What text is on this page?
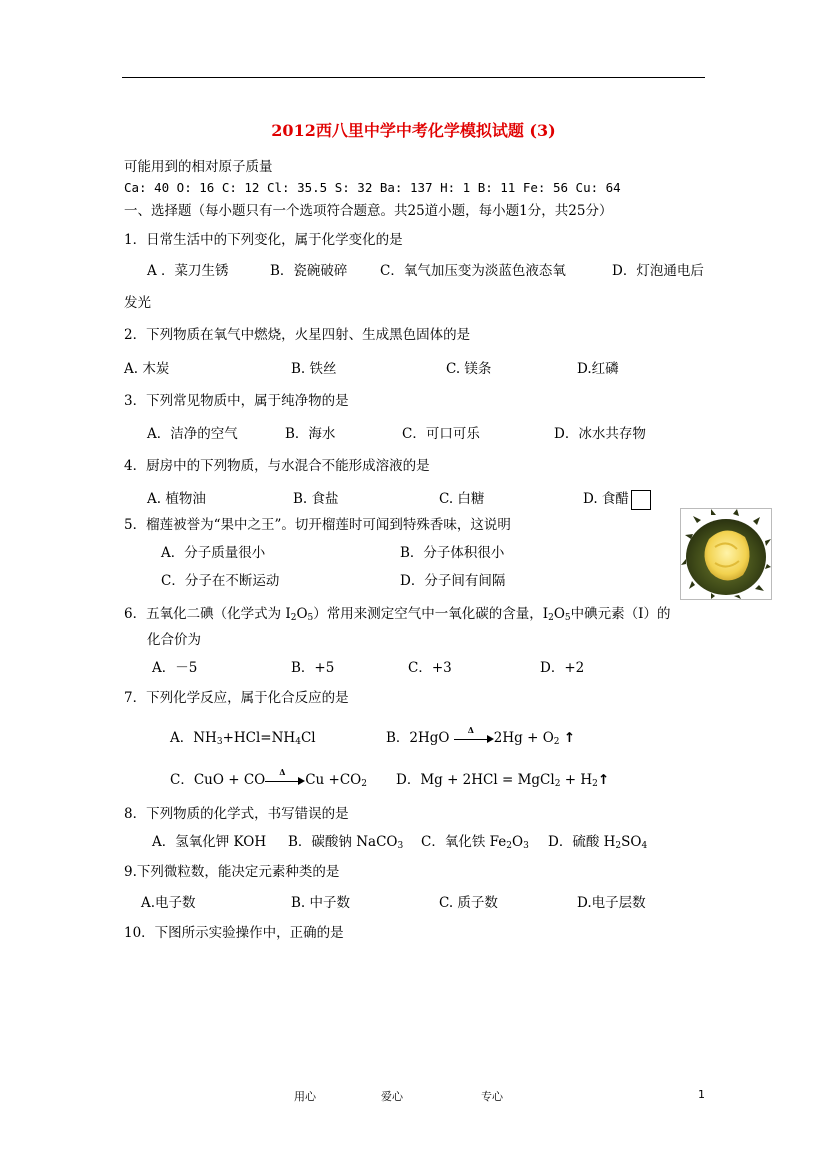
2012西八里中学中考化学模拟试题 (3)
可能用到的相对原子质量
Ca: 40 O: 16 C: 12 Cl: 35.5 S: 32 Ba: 137 H: 1 B: 11 Fe: 56 Cu: 64
一、选择题（每小题只有一个选项符合题意。共25道小题，每小题1分，共25分）
1．日常生活中的下列变化，属于化学变化的是
A ．菜刀生锈	B．瓷碗破碎 C．氧气加压变为淡蓝色液态氧	D．灯泡通电后
发光
2．下列物质在氧气中燃烧，火星四射、生成黑色固体的是
A. 木炭	B. 铁丝	C. 镁条	D.红磷
3．下列常见物质中，属于纯净物的是
A．洁净的空气	B．海水	C．可口可乐	D．冰水共存物
4．厨房中的下列物质，与水混合不能形成溶液的是
A. 植物油	B. 食盐	C. 白糖	D. 食醋
5．榴莲被誉为“果中之王”。切开榴莲时可闻到特殊香味，这说明
A．分子质量很小	B．分子体积很小
C．分子在不断运动	D．分子间有间隔
6．五氧化二碘（化学式为 $I_2O_5$）常用来测定空气中一氧化碳的含量，$I_2O_5$中碘元素（I）的
化合价为
A．－5	B．+5	C．+3	D．+2
7．下列化学反应，属于化合反应的是
A．$NH_3+HCl=NH_4Cl$	B．2HgO
Δ
$2Hg + O_2$ ↑
C．CuO + CO
Δ
$Cu +CO_2$ D．Mg + 2HCl = MgCl$_2$ + $H_2↑$
8．下列物质的化学式，书写错误的是
A．氢氧化钾 KOH B．碳酸钠 NaCO$_3$ C．氧化铁 $Fe_2O_3$ D．硫酸 $H_2SO_4$
9.下列微粒数，能决定元素种类的是
A.电子数	B. 中子数	C. 质子数	D.电子层数
10．下图所示实验操作中，正确的是
用心	爱心	专心	1
